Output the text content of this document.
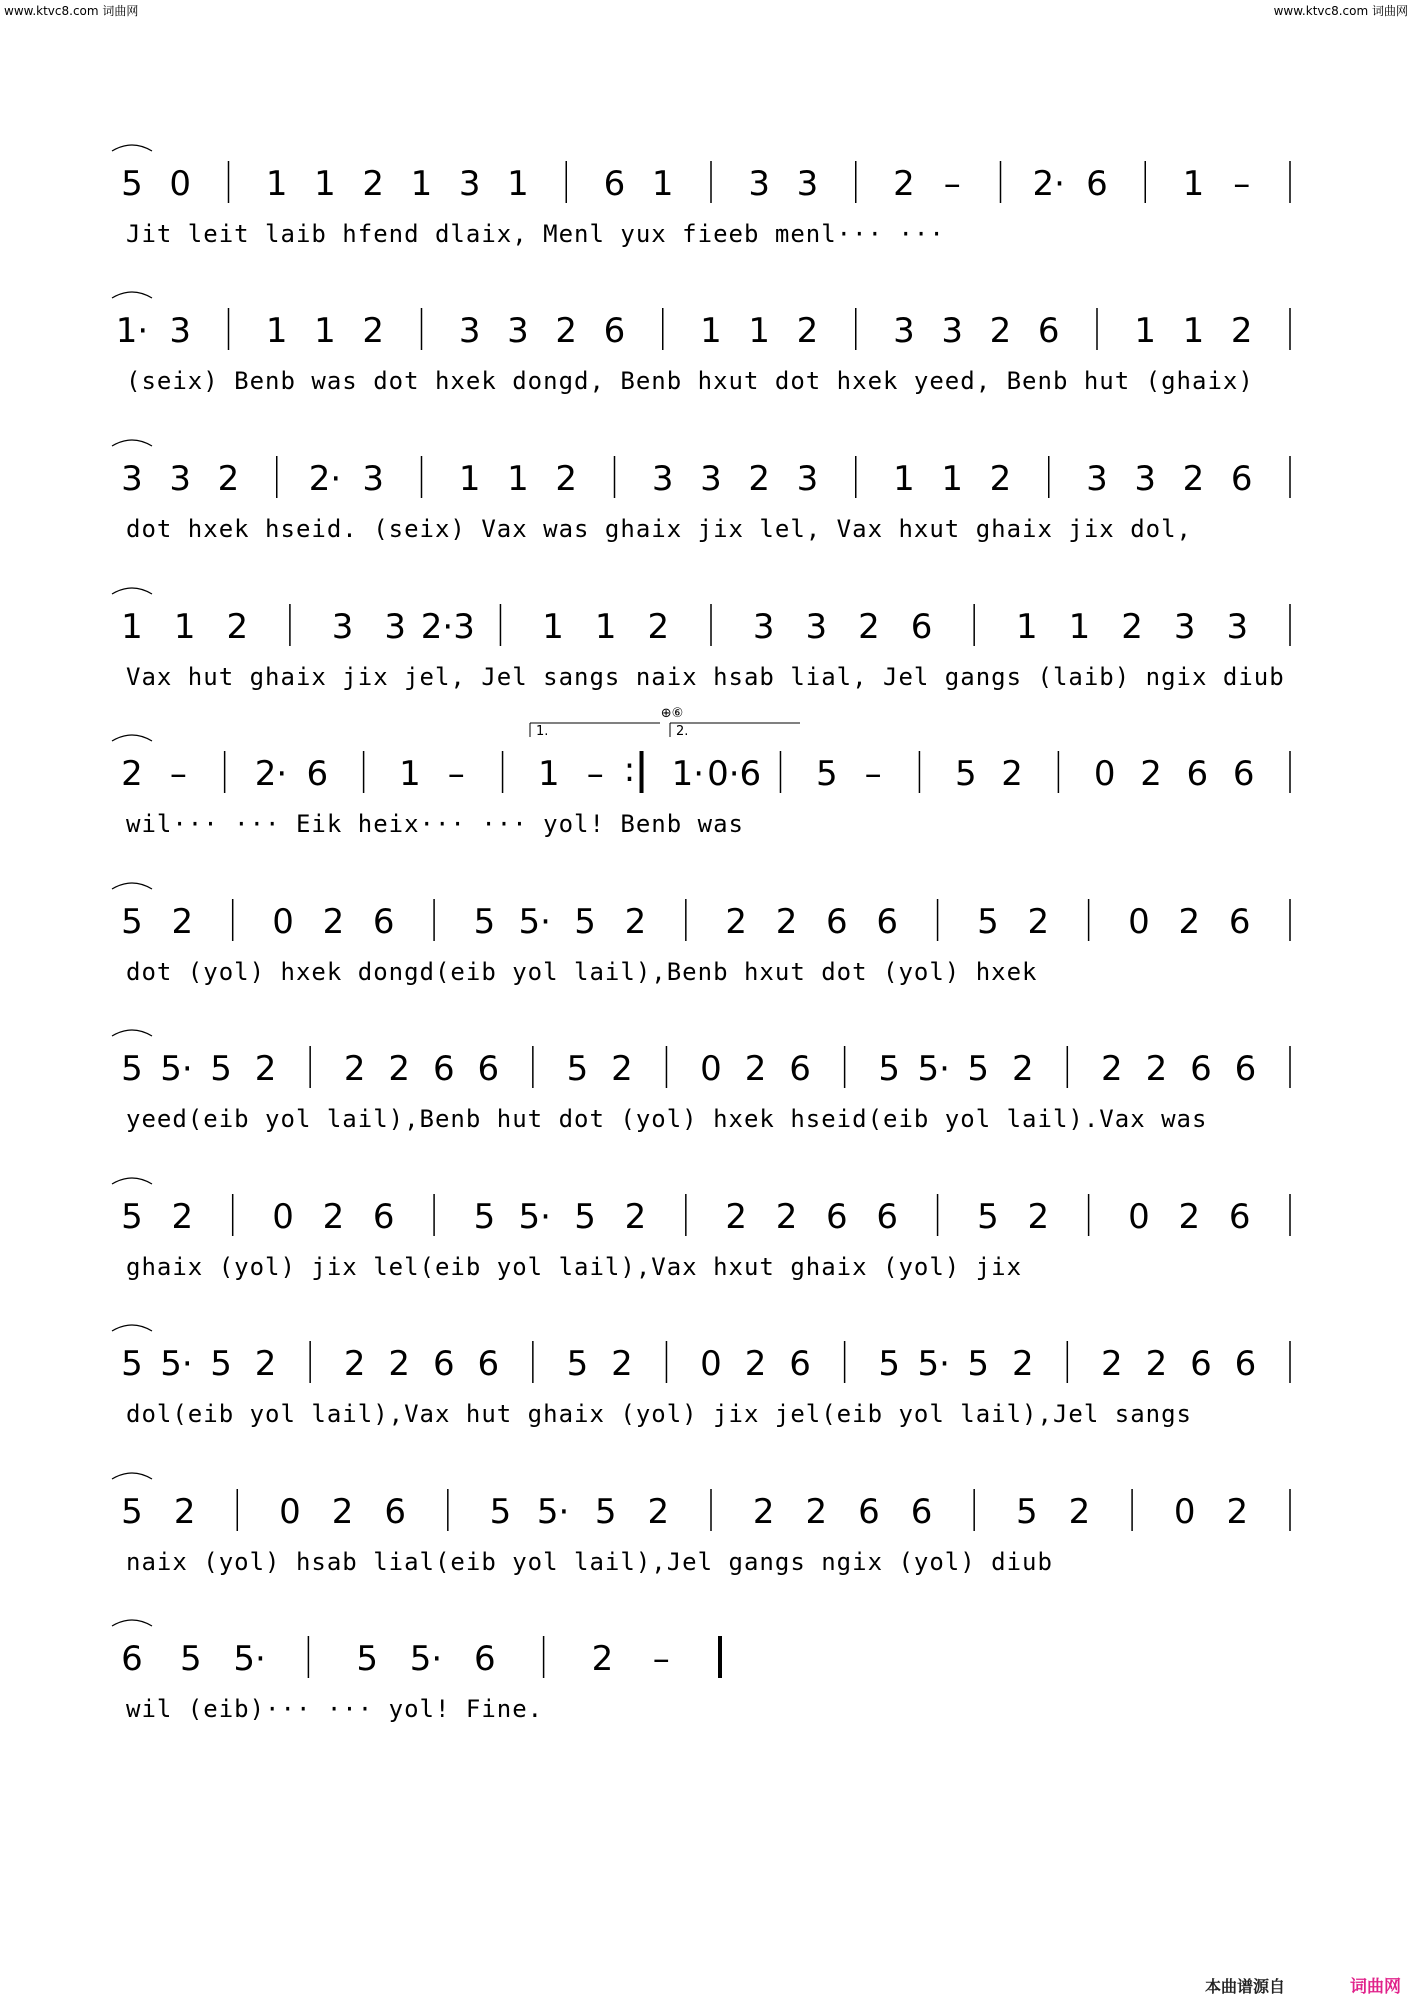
www.ktvc8.com 词曲网	www.ktvc8.com 词曲网
5 0 1 1 2 1 3 1 6 1 3 3 2 – 2· 6 1 –
Jit leit laib hfend dlaix, Menl yux fieeb menl··· ···
1· 3 1 1 2 3 3 2 6 1 1 2 3 3 2 6 1 1 2
(seix) Benb was dot hxek dongd, Benb hxut dot hxek yeed, Benb hut (ghaix)
3 3 2 2· 3 1 1 2 3 3 2 3 1 1 2 3 3 2 6
dot hxek hseid. (seix) Vax was ghaix jix lel, Vax hxut ghaix jix dol,
1 1 2 3 3 2·3 1 1 2 3 3 2 6 1 1 2 3 3
Vax hut ghaix jix jel, Jel sangs naix hsab lial, Jel gangs (laib) ngix diub
2 – 2· 6 1 – 1 – : 1· 0·6 5 – 5 2 0 2 6 6
wil··· ··· Eik heix··· ··· yol! Benb was
1.	2.
⊕⑥
5 2 0 2 6 5 5· 5 2 2 2 6 6 5 2 0 2 6
dot (yol) hxek dongd(eib yol lail),Benb hxut dot (yol) hxek
5 5· 5 2 2 2 6 6 5 2 0 2 6 5 5· 5 2 2 2 6 6
yeed(eib yol lail),Benb hut dot (yol) hxek hseid(eib yol lail).Vax was
5 2 0 2 6 5 5· 5 2 2 2 6 6 5 2 0 2 6
ghaix (yol) jix lel(eib yol lail),Vax hxut ghaix (yol) jix
5 5· 5 2 2 2 6 6 5 2 0 2 6 5 5· 5 2 2 2 6 6
dol(eib yol lail),Vax hut ghaix (yol) jix jel(eib yol lail),Jel sangs
5 2 0 2 6 5 5· 5 2 2 2 6 6 5 2 0 2
naix (yol) hsab lial(eib yol lail),Jel gangs ngix (yol) diub
6 5 5·	5 5· 6	2 –
wil (eib)··· ··· yol! Fine.
本曲谱源自	词曲网
